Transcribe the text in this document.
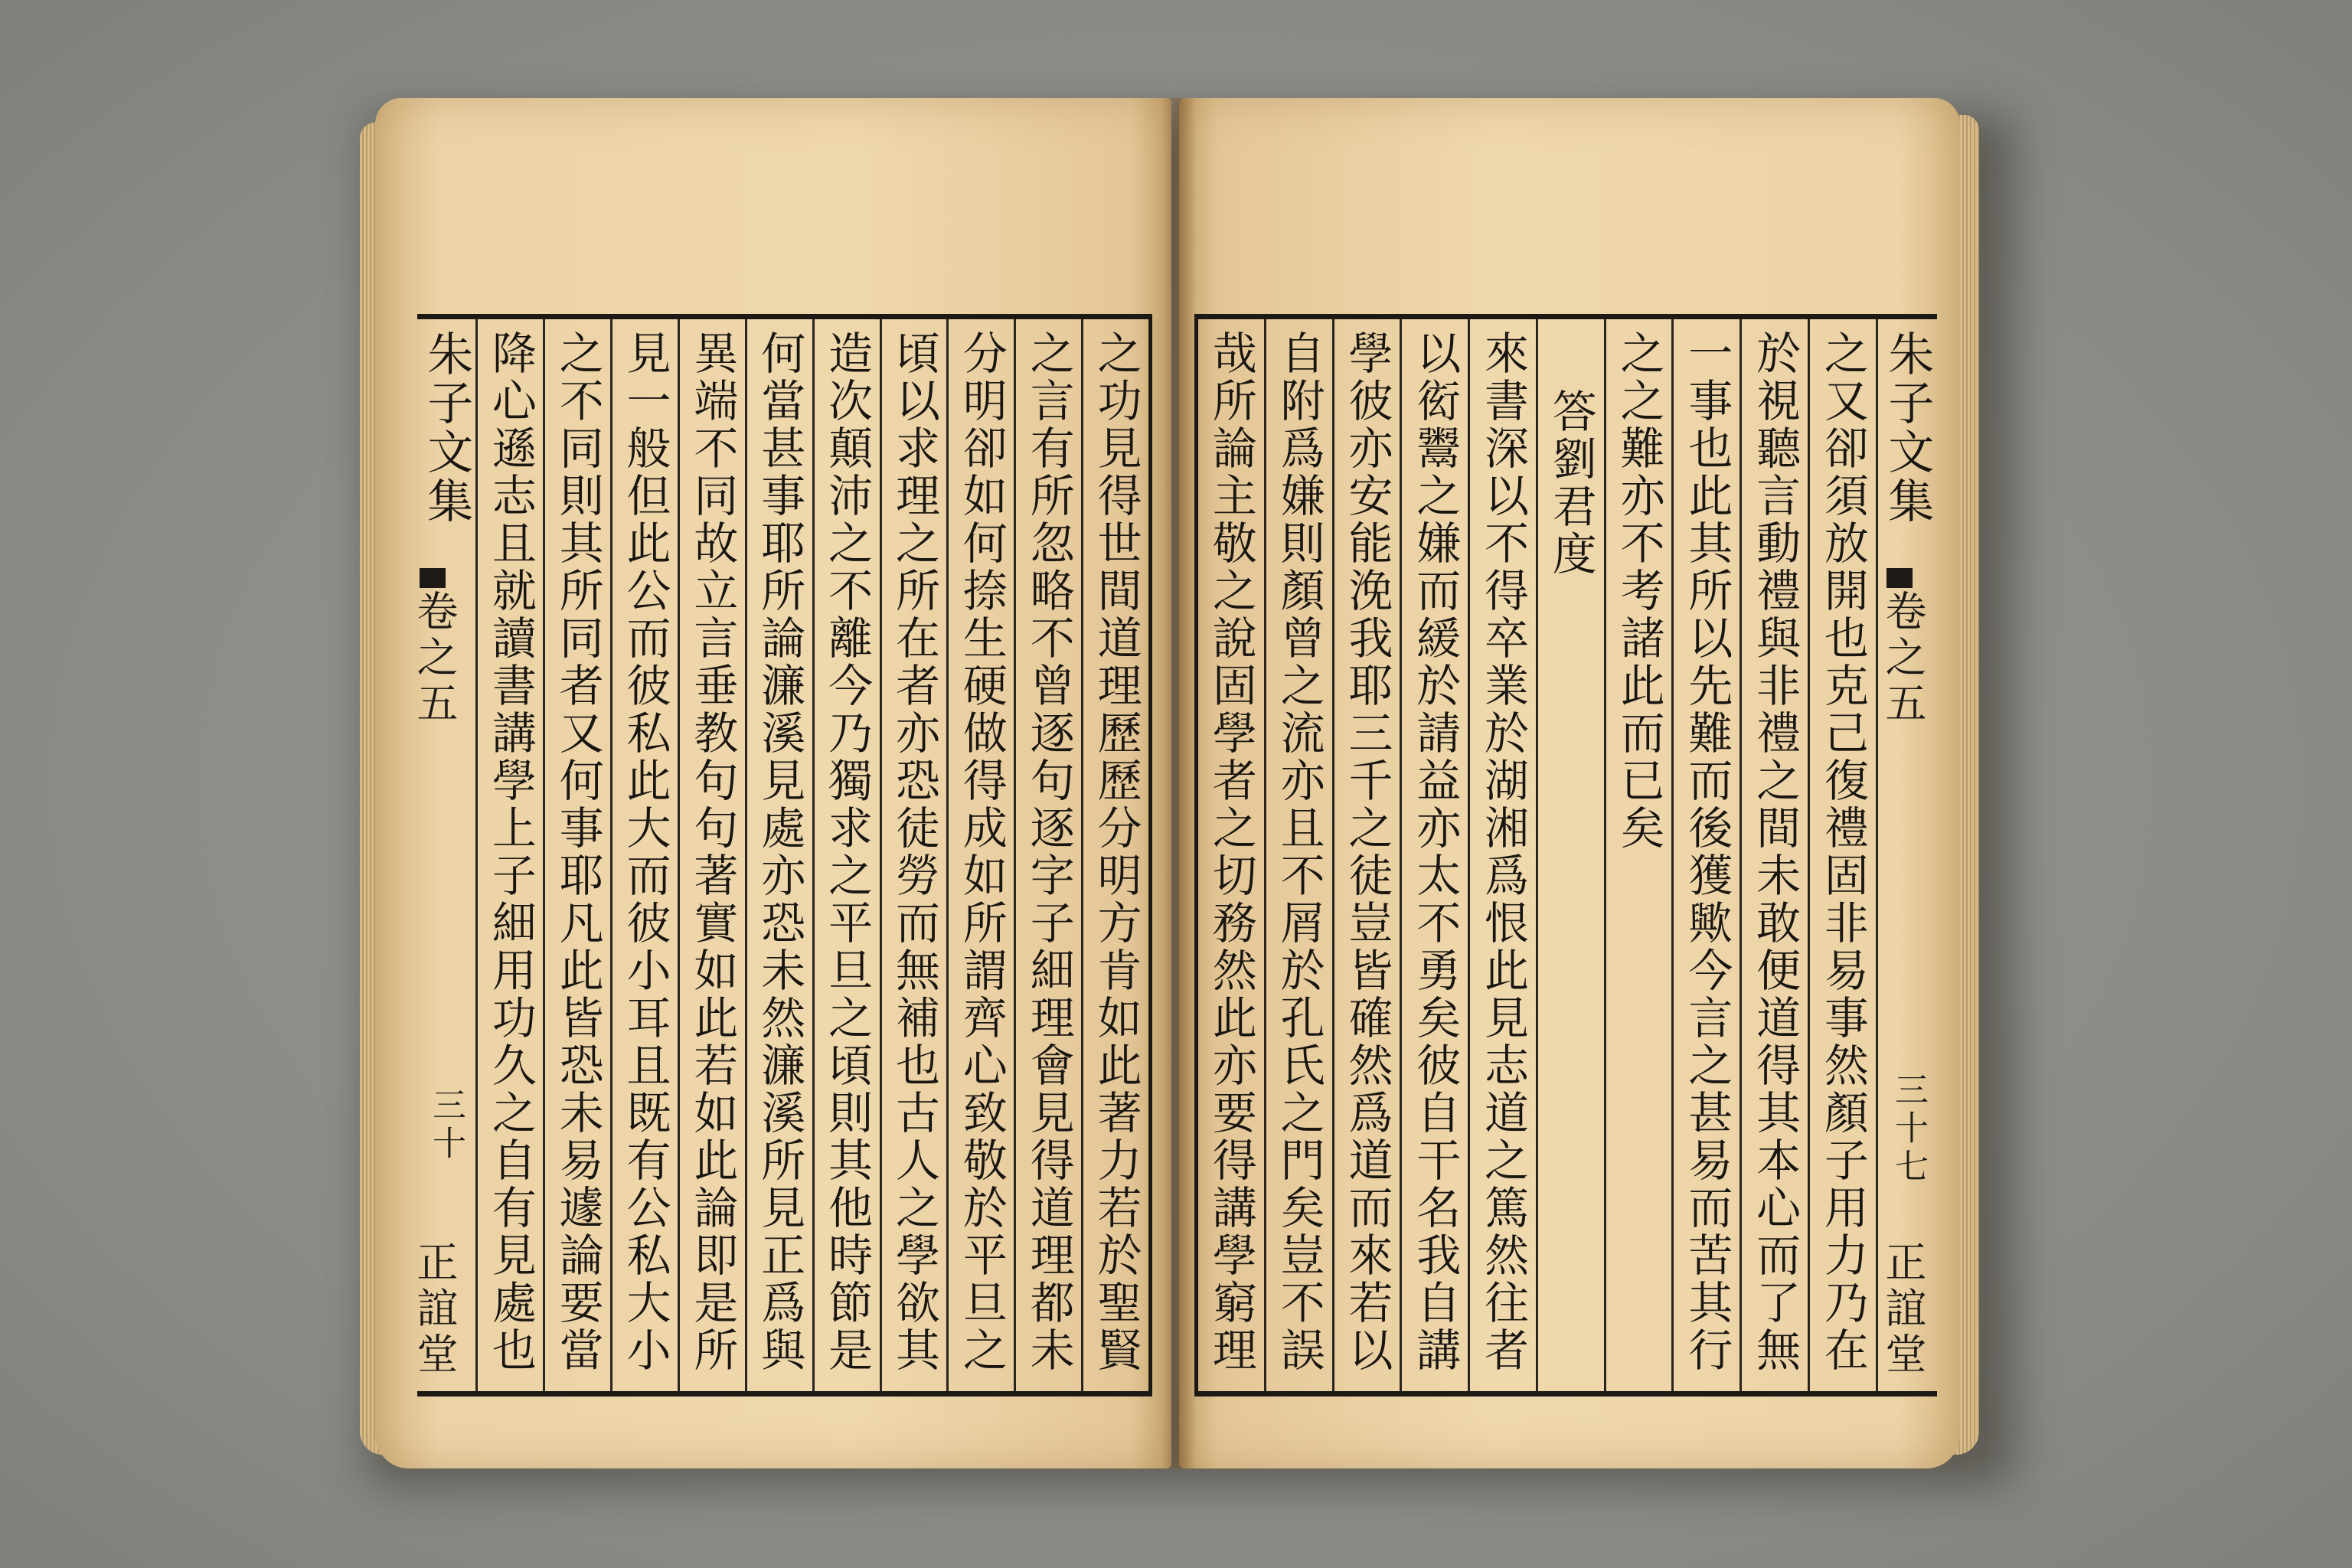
之功見得世間道理歷歷分明方肯如此著力若於聖賢
之言有所忽略不曾逐句逐字子細理會見得道理都未
分明卻如何捺生硬做得成如所謂齊心致敬於平旦之
頃以求理之所在者亦恐徒勞而無補也古人之學欲其
造次顛沛之不離今乃獨求之平旦之頃則其他時節是
何當甚事耶所論濂溪見處亦恐未然濂溪所見正爲與
異端不同故立言垂教句句著實如此若如此論即是所
見一般但此公而彼私此大而彼小耳且既有公私大小
之不同則其所同者又何事耶凡此皆恐未易遽論要當
降心遜志且就讀書講學上子細用功久之自有見處也
朱子文集
卷之五
三十
正誼堂
朱子文集
之又卻須放開也克己復禮固非易事然顏子用力乃在
於視聽言動禮與非禮之間未敢便道得其本心而了無
一事也此其所以先難而後獲歟今言之甚易而苦其行
之之難亦不考諸此而已矣
答劉君度
來書深以不得卒業於湖湘爲恨此見志道之篤然往者
以衒鬻之嫌而緩於請益亦太不勇矣彼自干名我自講
學彼亦安能浼我耶三千之徒豈皆確然爲道而來若以
自附爲嫌則顏曾之流亦且不屑於孔氏之門矣豈不誤
哉所論主敬之說固學者之切務然此亦要得講學窮理	卷之五
三十七
正誼堂
